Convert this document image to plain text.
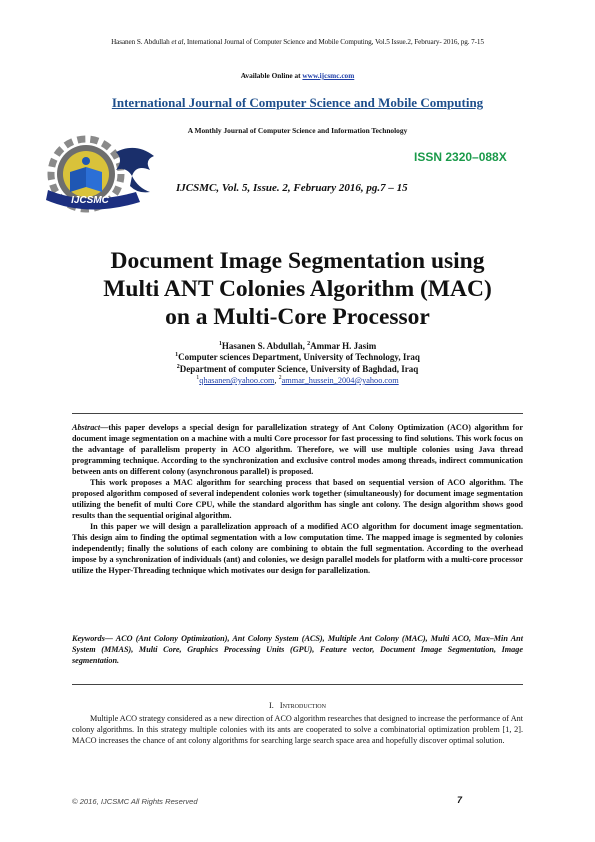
Hasanen S. Abdullah et al, International Journal of Computer Science and Mobile Computing, Vol.5 Issue.2, February- 2016, pg. 7-15
Available Online at www.ijcsmc.com
International Journal of Computer Science and Mobile Computing
A Monthly Journal of Computer Science and Information Technology
IJCSMC
ISSN 2320–088X
IJCSMC, Vol. 5, Issue. 2, February 2016, pg.7 – 15
Document Image Segmentation using
Multi ANT Colonies Algorithm (MAC)
on a Multi-Core Processor
$^1$Hasanen S. Abdullah, $^2$Ammar H. Jasim
$^1$Computer sciences Department, University of Technology, Iraq
$^2$Department of computer Science, University of Baghdad, Iraq
$^1$qhasanen@yahoo.com, $^2$ammar_hussein_2004@yahoo.com

Abstract—this paper develops a special design for parallelization strategy of Ant Colony Optimization (ACO) algorithm for document image segmentation on a machine with a multi Core processor for fast processing to find solutions. This work focus on the advantage of parallelism property in ACO algorithm. Therefore, we will use multiple colonies using Java thread programming technique. According to the synchronization and exclusive control modes among threads, indirect communication between ants on different colony (asynchronous parallel) is proposed.

This work proposes a MAC algorithm for searching process that based on sequential version of ACO algorithm. The proposed algorithm composed of several independent colonies work together (simultaneously) for document image segmentation utilizing the benefit of multi Core CPU, while the standard algorithm has single ant colony. The design algorithm shows good results than the sequential original algorithm.

In this paper we will design a parallelization approach of a modified ACO algorithm for document image segmentation. This design aim to finding the optimal segmentation with a low computation time. The mapped image is segmented by colonies independently; finally the solutions of each colony are combining to obtain the full segmentation. According to the overhead impose by a synchronization of individuals (ant) and colonies, we design parallel models for platform with a multi-core processor utilize the Hyper-Threading technique which motivates our design for parallelization.

Keywords— ACO (Ant Colony Optimization), Ant Colony System (ACS), Multiple Ant Colony (MAC), Multi ACO, Max–Min Ant System (MMAS), Multi Core, Graphics Processing Units (GPU), Feature vector, Document Image Segmentation, Image segmentation.
I. Introduction

Multiple ACO strategy considered as a new direction of ACO algorithm researches that designed to increase the performance of Ant colony algorithms. In this strategy multiple colonies with its ants are cooperated to solve a combinatorial optimization problem [1, 2]. MACO increases the chance of ant colony algorithms for searching large search space area and hopefully discover optimal solution.

© 2016, IJCSMC All Rights Reserved	7
